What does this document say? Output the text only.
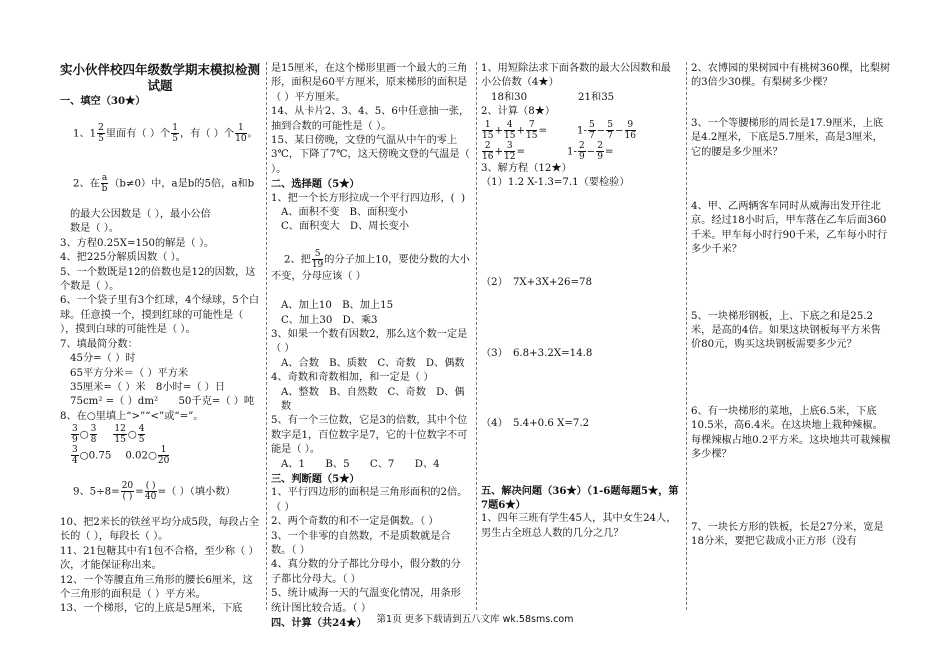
实小伙伴校四年级数学期末模拟检测试题

一、填空（30★）

1、$1 \frac{2}{5}$ 里面有（ ）个 $\frac{1}{5}$ ，有（ ）个 $\frac{1}{10}$ 。

2、在 $\frac{a}{b} (b\ne 0)$中，a是b的5倍，a和b

的最大公因数是（ ），最小公倍

数是（ ）。

3、方程0.25X=150的解是（ ）。

4、把225分解质因数（ ）。

5、一个数既是12的倍数也是12的因数，这个数是（ ）。

6、一个袋子里有3个红球，4个绿球，5个白球。任意摸一个，摸到红球的可能性是（ ），摸到白球的可能性是（ ）。

7、填最简分数：

45分=（ ）时

65平方分米＝（ ）平方米

35厘米=（ ）米　8小时=（ ）日

75cm² =（ ）dm²　　50千克=（ ）吨

8、在○里填上“>”“<”或“=”。

$\frac{3}{9}$ ○ $\frac{3}{8} \frac{12}{15}$ ○ $\frac{4}{5}$
$\frac{3}{4}$ ○0.75 0.02○ $\frac{1}{20}$

9、$5\div 8= \frac{20}{( )} = \frac{( )}{40}$ =（ ）（填小数）

10、把2米长的铁丝平均分成5段，每段占全长的（ ），每段长（ ）。

11、21包糖其中有1包不合格，至少称（ ）次，才能保证称出来。

12、一个等腰直角三角形的腰长6厘米，这个三角形的面积是（ ）平方米。

13、一个梯形，它的上底是5厘米，下底

是15厘米，在这个梯形里画一个最大的三角形，面积是60平方厘米，原来梯形的面积是（ ）平方厘米。

14、从卡片2、3、4、5、6中任意抽一张，抽到合数的可能性是（ ）。

15、某日傍晚，文登的气温从中午的零上3℃，下降了7℃，这天傍晚文登的气温是（ ）。

二、选择题（5★）

1、把一个长方形拉成一个平行四边形，(  )

A、面积不变　B、面积变小

C、面积变大　D、周长变小

2、把 $\frac{5}{19}$ 的分子加上10，要使分数的大小不变，分母应该（ ）

A、加上10　B、加上15

C、加上30　D、乘3

3、如果一个数有因数2，那么这个数一定是（ ）

A、合数　B、质数　C、奇数　D、偶数

4、奇数和奇数相加，和一定是（ ）

A、整数　B、自然数　C、奇数　D、偶数

5、有一个三位数，它是3的倍数，其中个位数字是1，百位数字是7，它的十位数字不可能是（ ）。

A、1　　B、5　　C、7　　D、4

三、判断题（5★）

1、平行四边形的面积是三角形面积的2倍。（ ）

2、两个奇数的和不一定是偶数。（ ）

3、一个非零的自然数，不是质数就是合数。（ ）

4、真分数的分子都比分母小，假分数的分子都比分母大。（ ）

5、统计威海一天的气温变化情况，用条形统计图比较合适。（ ）

四、计算（共24★）

1、用短除法求下面各数的最大公因数和最小公倍数（4★）

18和30　　　　　21和35

2、计算（8★）

$\frac{1}{15} + \frac{4}{15} + \frac{7}{15}$ =	$1- \frac{5}{7} - \frac{5}{7} - \frac{9}{16}$
$\frac{2}{16} + \frac{3}{12}$ =	$1- \frac{2}{9} - \frac{2}{9}$ =

3、解方程（12★）

（1）1.2 X-1.3=7.1（要检验）

（2）　7X+3X+26=78

（3）　6.8+3.2X=14.8

（4）　5.4+0.6 X=7.2

五、解决问题（36★）（1-6题每题5★，第7题6★）

1、四年三班有学生45人，其中女生24人，男生占全班总人数的几分之几？

2、农博园的果树园中有桃树360棵，比梨树的3倍少30棵。有梨树多少棵？

3、一个等腰梯形的周长是17.9厘米，上底是4.2厘米，下底是5.7厘米，高是3厘米，它的腰是多少厘米？

4、甲、乙两辆客车同时从威海出发开往北京。经过18小时后，甲车落在乙车后面360千米。甲车每小时行90千米，乙车每小时行多少千米？

5、一块梯形钢板，上、下底之和是25.2米，是高的4倍。如果这块钢板每平方米售价80元，购买这块钢板需要多少元？

6、有一块梯形的菜地，上底6.5米，下底10.5米，高6.4米。在这块地上栽种辣椒。每棵辣椒占地0.2平方米。这块地共可栽辣椒多少棵？

7、一块长方形的铁板，长是27分米，宽是18分米，要把它裁成小正方形（没有

第1页 更多下载请到五八文库 wk.58sms.com
